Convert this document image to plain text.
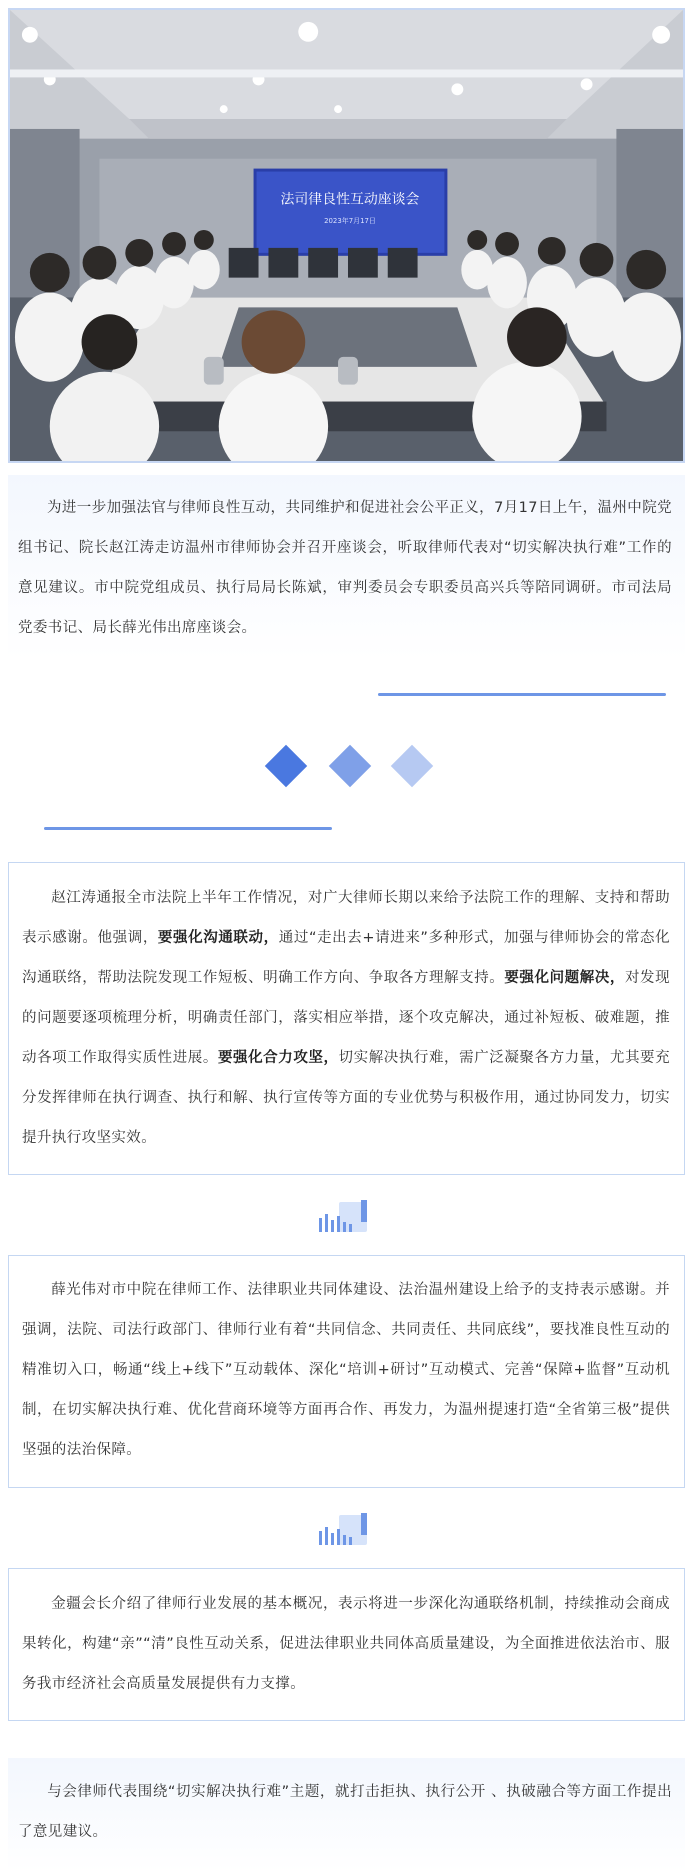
法司律良性互动座谈会
2023年7月17日
为进一步加强法官与律师良性互动，共同维护和促进社会公平正义，7月17日上午，温州中院党组书记、院长赵江涛走访温州市律师协会并召开座谈会，听取律师代表对“切实解决执行难”工作的意见建议。市中院党组成员、执行局局长陈斌，审判委员会专职委员高兴兵等陪同调研。市司法局党委书记、局长薛光伟出席座谈会。
赵江涛通报全市法院上半年工作情况，对广大律师长期以来给予法院工作的理解、支持和帮助表示感谢。他强调，要强化沟通联动，通过“走出去+请进来”多种形式，加强与律师协会的常态化沟通联络，帮助法院发现工作短板、明确工作方向、争取各方理解支持。要强化问题解决，对发现的问题要逐项梳理分析，明确责任部门，落实相应举措，逐个攻克解决，通过补短板、破难题，推动各项工作取得实质性进展。要强化合力攻坚，切实解决执行难，需广泛凝聚各方力量，尤其要充分发挥律师在执行调查、执行和解、执行宣传等方面的专业优势与积极作用，通过协同发力，切实提升执行攻坚实效。
薛光伟对市中院在律师工作、法律职业共同体建设、法治温州建设上给予的支持表示感谢。并强调，法院、司法行政部门、律师行业有着“共同信念、共同责任、共同底线”，要找准良性互动的精准切入口，畅通“线上+线下”互动载体、深化“培训+研讨”互动模式、完善“保障+监督”互动机制，在切实解决执行难、优化营商环境等方面再合作、再发力，为温州提速打造“全省第三极”提供坚强的法治保障。
金疆会长介绍了律师行业发展的基本概况，表示将进一步深化沟通联络机制，持续推动会商成果转化，构建“亲”“清”良性互动关系，促进法律职业共同体高质量建设，为全面推进依法治市、服务我市经济社会高质量发展提供有力支撑。
与会律师代表围绕“切实解决执行难”主题，就打击拒执、执行公开 、执破融合等方面工作提出了意见建议。
